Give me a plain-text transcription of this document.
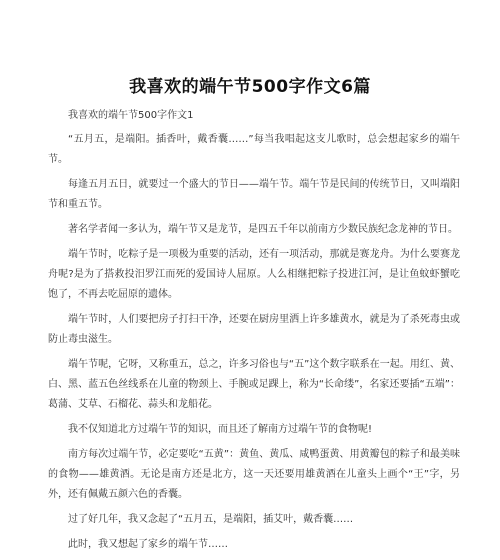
我喜欢的端午节500字作文6篇

我喜欢的端午节500字作文1

“五月五，是端阳。插香叶，戴香囊……”每当我唱起这支儿歌时，总会想起家乡的端午节。

每逢五月五日，就要过一个盛大的节日——端午节。端午节是民间的传统节日，又叫端阳节和重五节。

著名学者闻一多认为，端午节又是龙节，是四五千年以前南方少数民族纪念龙神的节日。

端午节时，吃粽子是一项极为重要的活动，还有一项活动，那就是赛龙舟。为什么要赛龙舟呢?是为了搭救投汨罗江而死的爱国诗人屈原。人么相继把粽子投进江河，是让鱼蚊虾蟹吃饱了，不再去吃屈原的遗体。

端午节时，人们要把房子打扫干净，还要在厨房里洒上许多雄黄水，就是为了杀死毒虫或防止毒虫滋生。

端午节呢，它呀，又称重五，总之，许多习俗也与“五”这个数字联系在一起。用红、黄、白、黑、蓝五色丝线系在儿童的物颈上、手腕或足踝上，称为“长命缕”，名家还要插“五端”：葛蒲、艾草、石榴花、蒜头和龙船花。

我不仅知道北方过端午节的知识，而且还了解南方过端午节的食物呢!

南方每次过端午节，必定要吃“五黄”：黄鱼、黄瓜、咸鸭蛋黄、用黄瓣包的粽子和最美味的食物——雄黄酒。无论是南方还是北方，这一天还要用雄黄酒在儿童头上画个“王”字，另外，还有佩戴五颜六色的香囊。

过了好几年，我又念起了“五月五，是端阳，插艾叶，戴香囊……

此时，我又想起了家乡的端午节……
